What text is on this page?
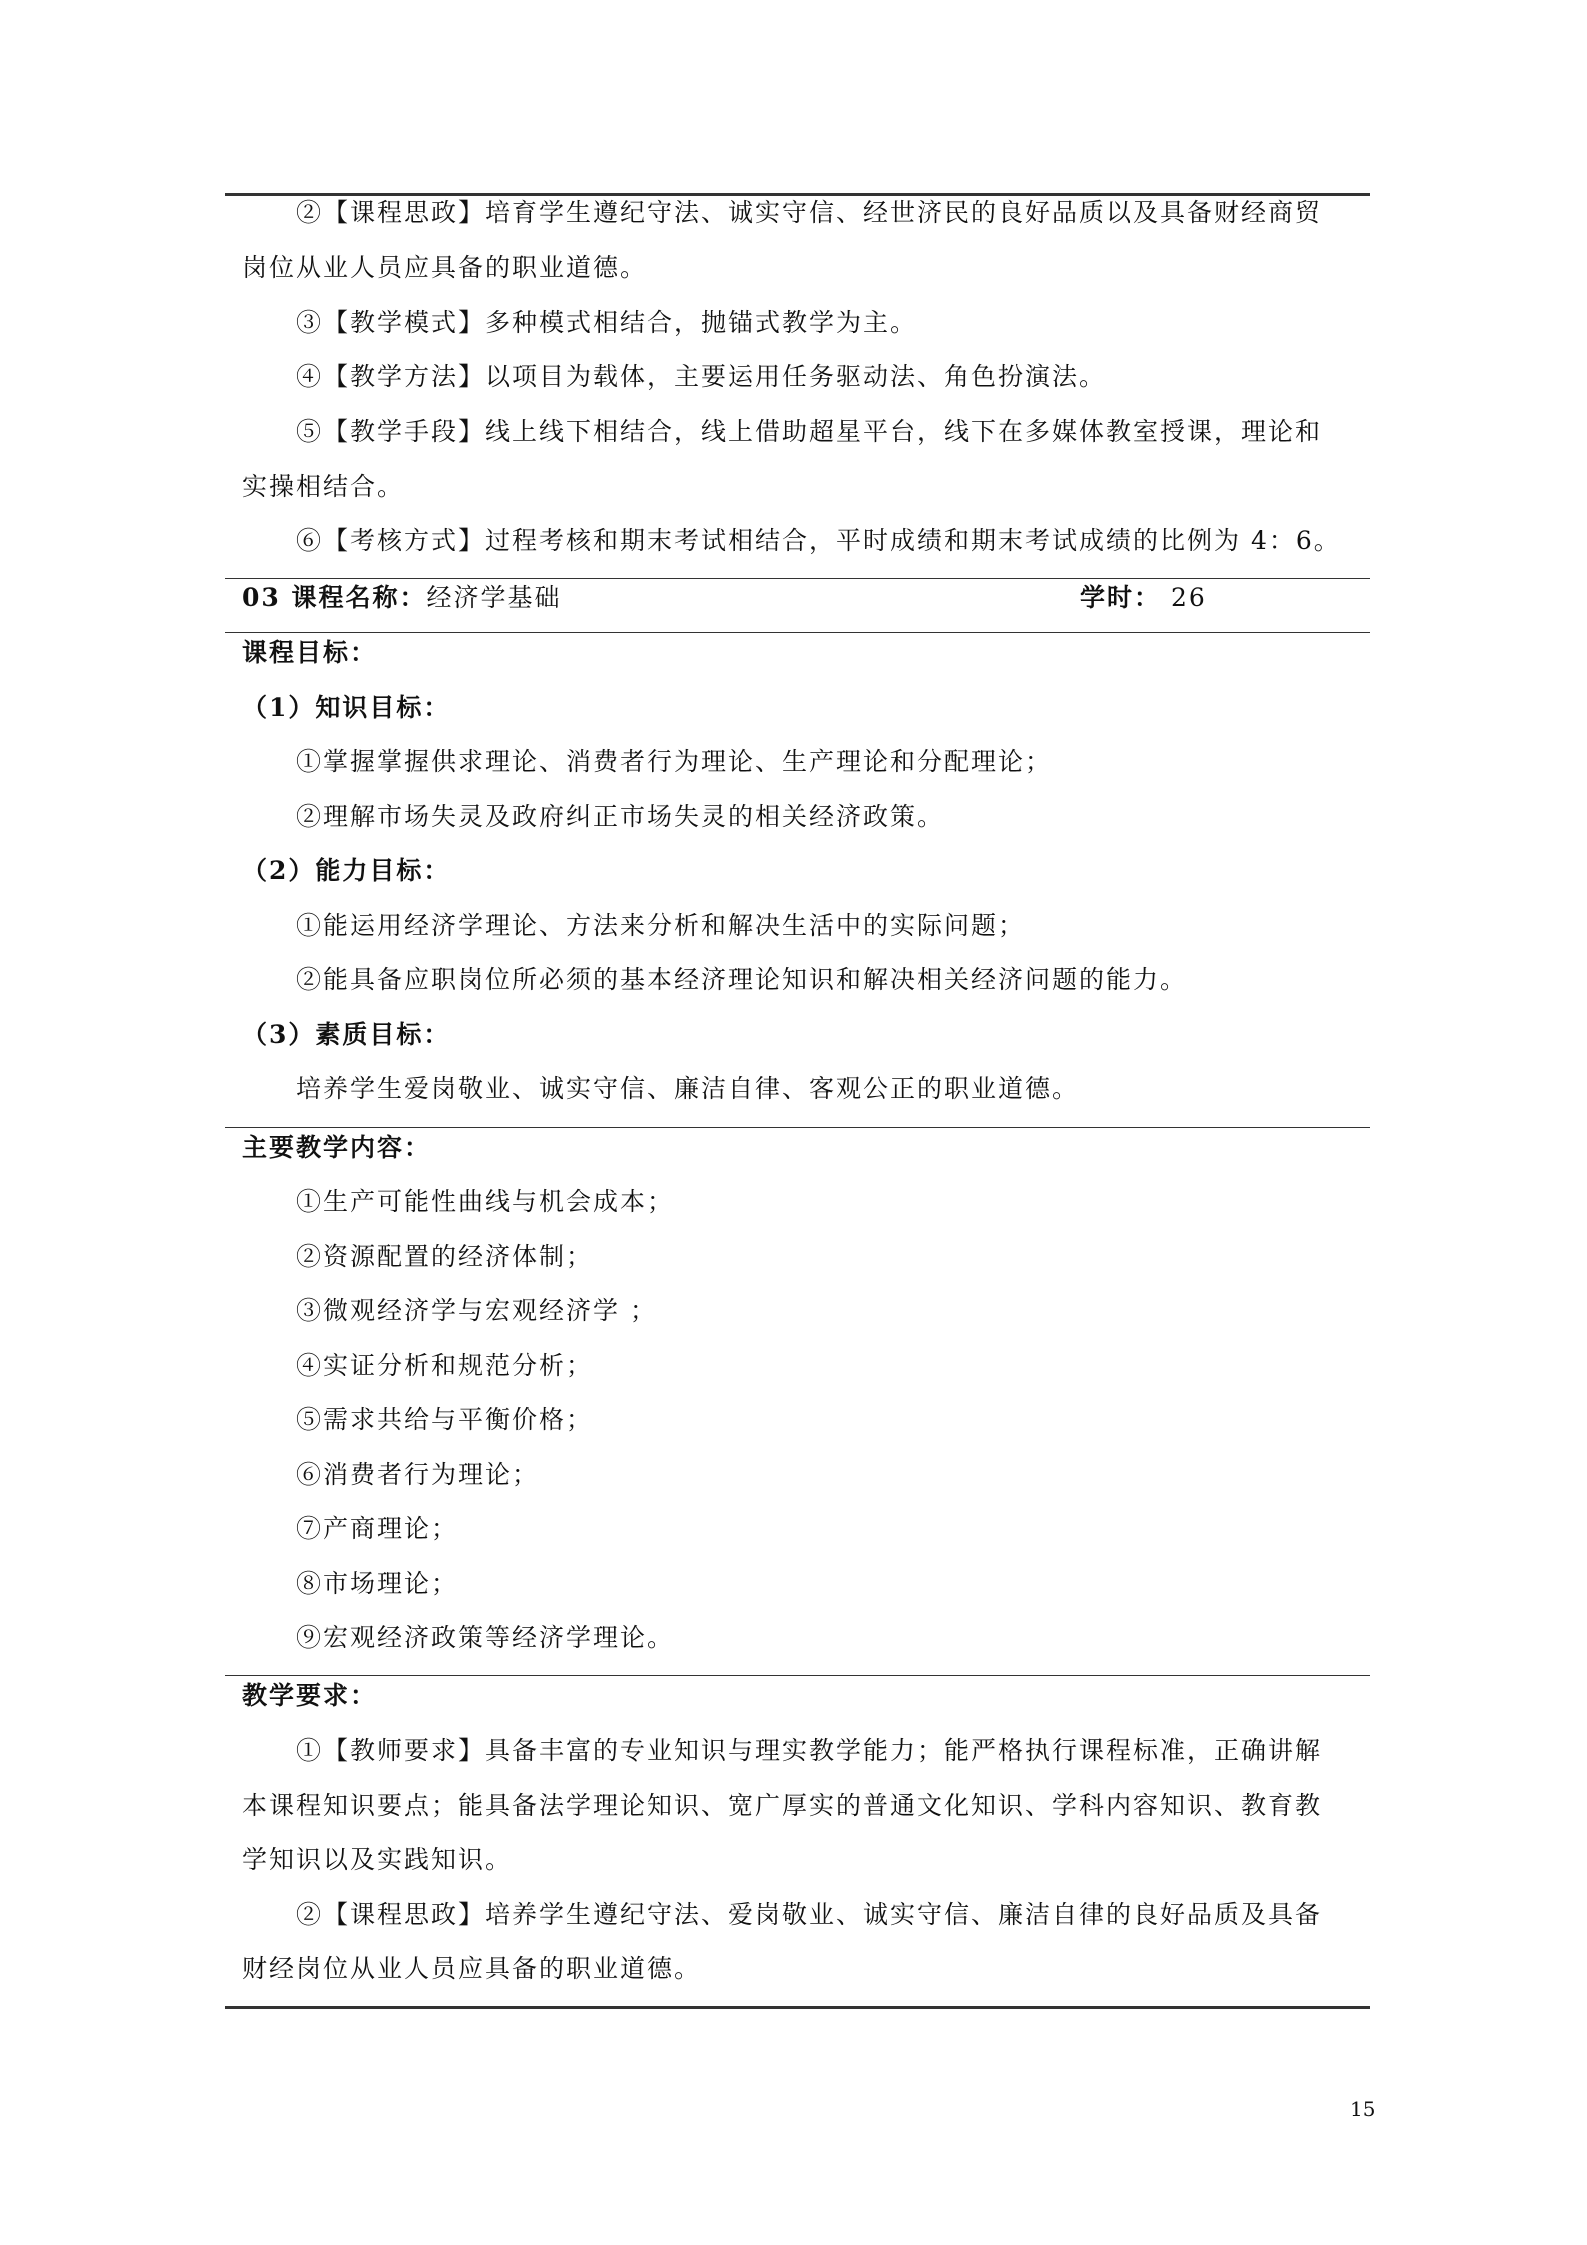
②【课程思政】培育学生遵纪守法、诚实守信、经世济民的良好品质以及具备财经商贸
岗位从业人员应具备的职业道德。
③【教学模式】多种模式相结合，抛锚式教学为主。
④【教学方法】以项目为载体，主要运用任务驱动法、角色扮演法。
⑤【教学手段】线上线下相结合，线上借助超星平台，线下在多媒体教室授课，理论和
实操相结合。
⑥【考核方式】过程考核和期末考试相结合，平时成绩和期末考试成绩的比例为 4：6。
03 课程名称：经济学基础	学时： 26
课程目标：
（1）知识目标：
①掌握掌握供求理论、消费者行为理论、生产理论和分配理论；
②理解市场失灵及政府纠正市场失灵的相关经济政策。
（2）能力目标：
①能运用经济学理论、方法来分析和解决生活中的实际问题；
②能具备应职岗位所必须的基本经济理论知识和解决相关经济问题的能力。
（3）素质目标：
培养学生爱岗敬业、诚实守信、廉洁自律、客观公正的职业道德。
主要教学内容：
①生产可能性曲线与机会成本；
②资源配置的经济体制；
③微观经济学与宏观经济学 ；
④实证分析和规范分析；
⑤需求共给与平衡价格；
⑥消费者行为理论；
⑦产商理论；
⑧市场理论；
⑨宏观经济政策等经济学理论。
教学要求：
①【教师要求】具备丰富的专业知识与理实教学能力；能严格执行课程标准，正确讲解
本课程知识要点；能具备法学理论知识、宽广厚实的普通文化知识、学科内容知识、教育教
学知识以及实践知识。
②【课程思政】培养学生遵纪守法、爱岗敬业、诚实守信、廉洁自律的良好品质及具备
财经岗位从业人员应具备的职业道德。
15
